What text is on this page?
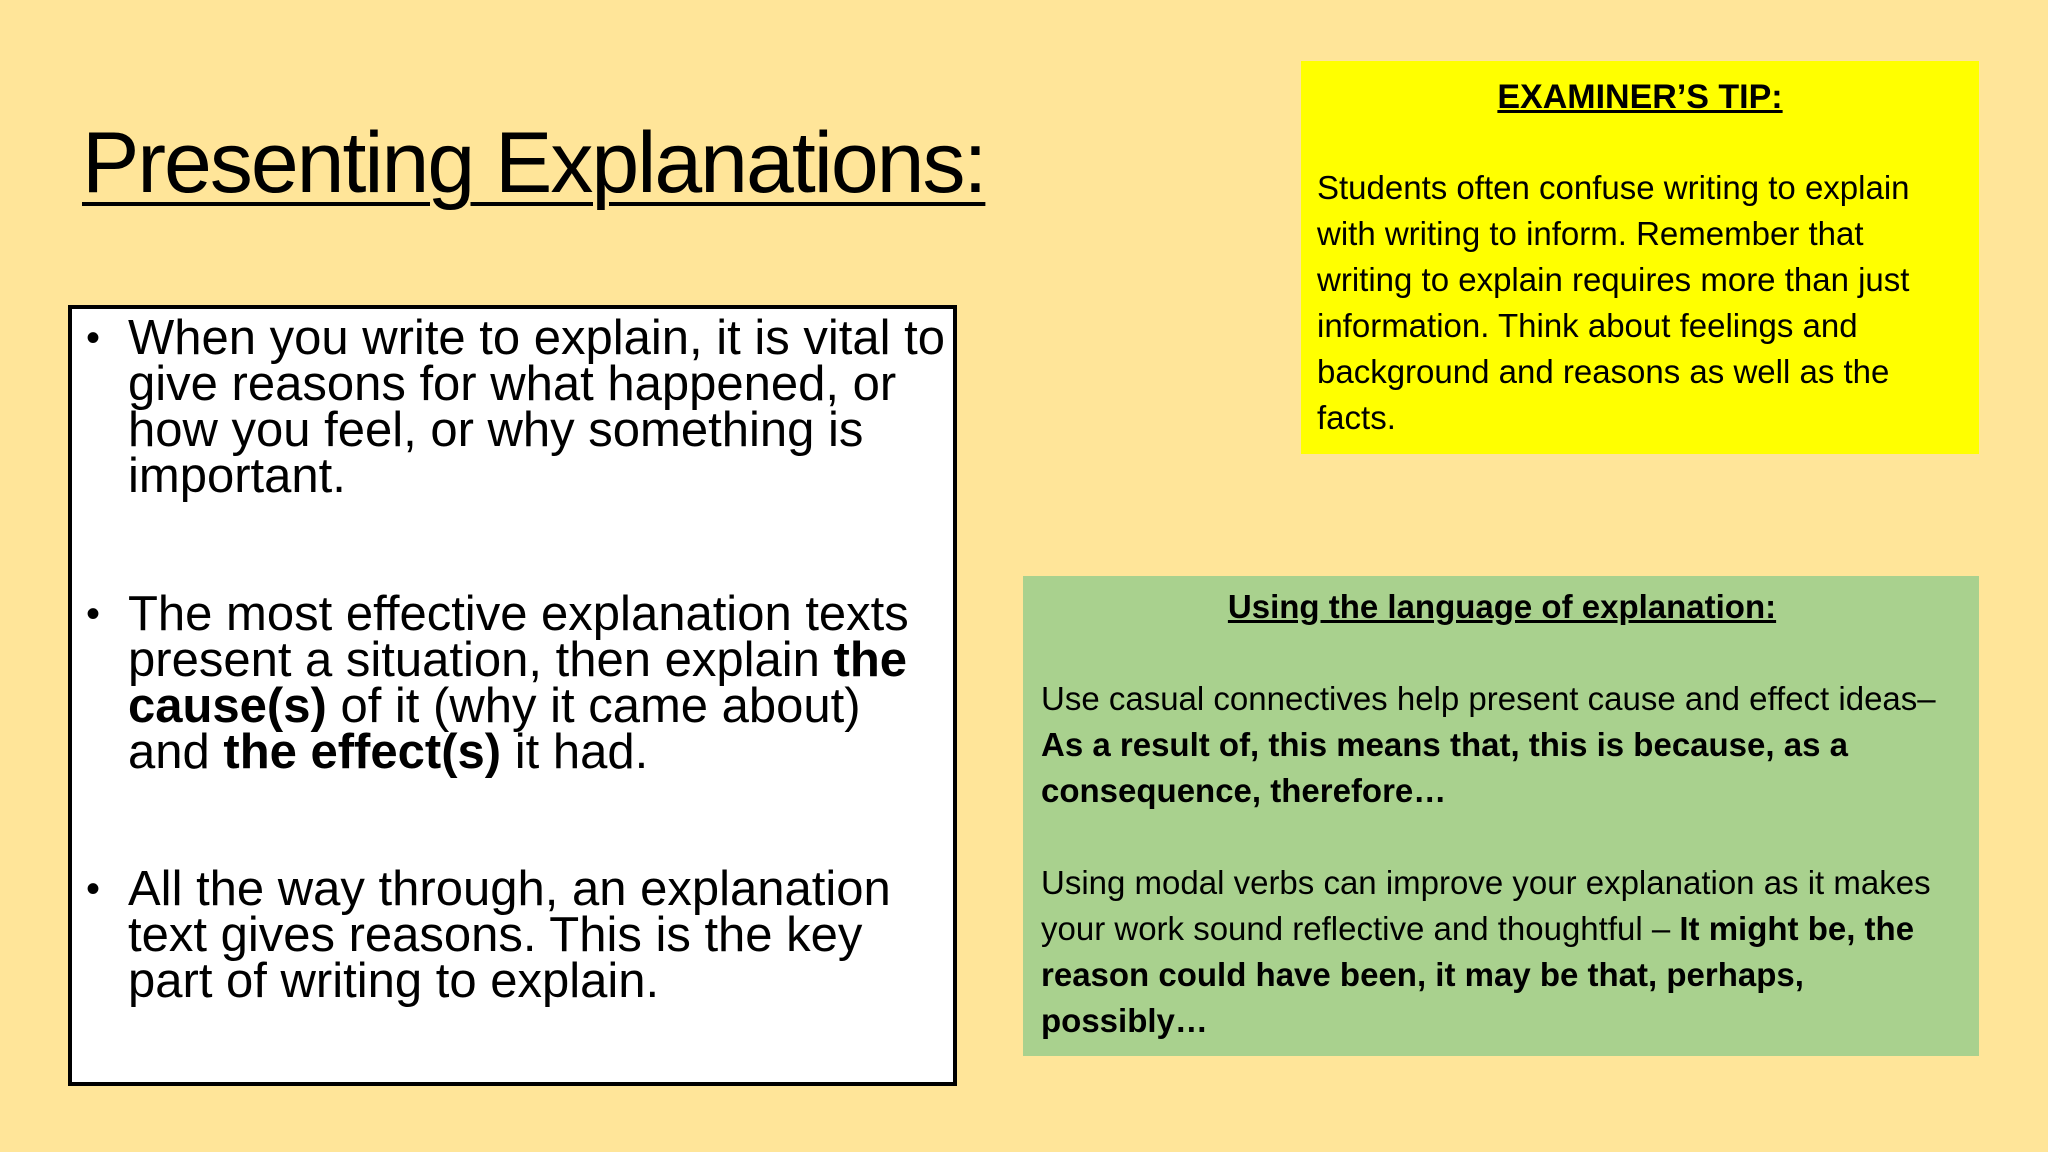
Presenting Explanations:
• When you write to explain, it is vital to give reasons for what happened, or how you feel, or why something is important.
• The most effective explanation texts present a situation, then explain the cause(s) of it (why it came about) and the effect(s) it had.
• All the way through, an explanation text gives reasons. This is the key part of writing to explain.

EXAMINER’S TIP:

Students often confuse writing to explain with writing to inform. Remember that writing to explain requires more than just information. Think about feelings and background and reasons as well as the facts.

Using the language of explanation:

Use casual connectives help present cause and effect ideas– As a result of, this means that, this is because, as a consequence, therefore…

Using modal verbs can improve your explanation as it makes your work sound reflective and thoughtful – It might be, the reason could have been, it may be that, perhaps, possibly…
